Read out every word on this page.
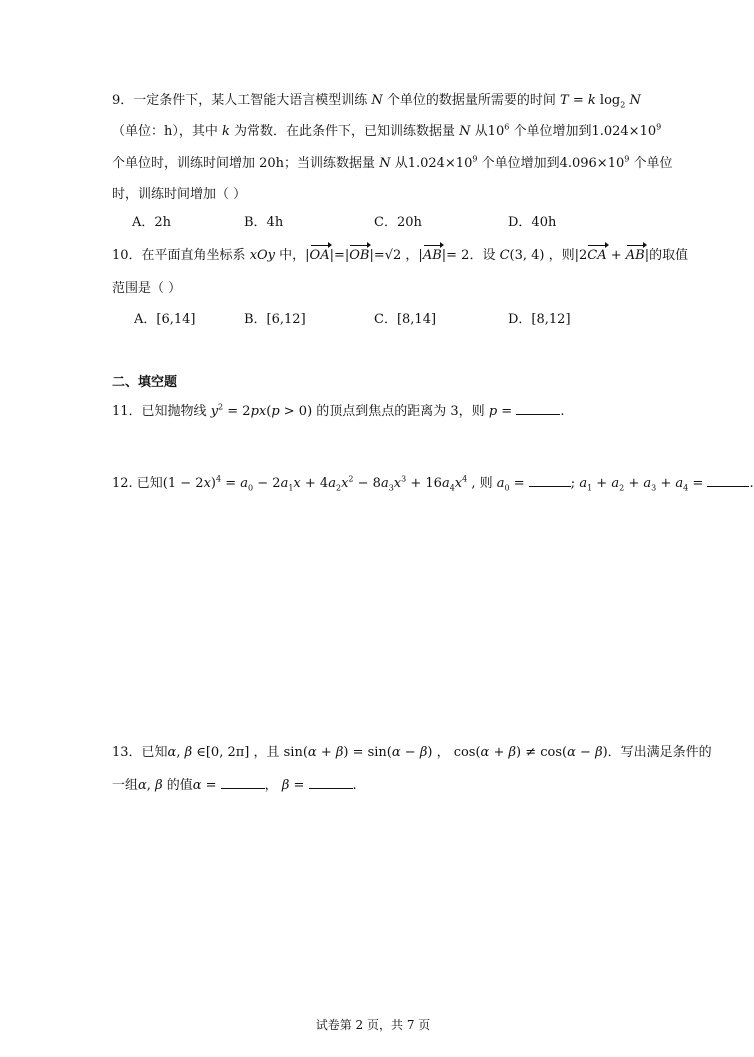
9．一定条件下，某人工智能大语言模型训练 N 个单位的数据量所需要的时间 T = k $\log_2 N$
（单位：h），其中 k 为常数．在此条件下，已知训练数据量 N 从$10^6$ 个单位增加到$1.024\times 10^9$
个单位时，训练时间增加 20h；当训练数据量 N 从$1.024\times 10^9$ 个单位增加到$4.096\times 10^9$ 个单位
时，训练时间增加（ ）
A．2h	B．4h	C．20h	D．40h
10．在平面直角坐标系 xOy 中，|OA|=|OB|=√2 ，|AB|= 2．设 C(3, 4) ，则|2CA + AB|的取值
范围是（ ）
A．[6,14]	B．[6,12]	C．[8,14]	D．[8,12]
二、填空题
11．已知抛物线 $y^2 = 2px(p > 0)$ 的顶点到焦点的距离为 3，则 p =	.
12. 已知$(1 - 2x)^4 = a_0 - 2a_1x + 4a_2x^2 - 8a_3x^3 + 16a_4x^4$ , 则 $a_0$ =	; $a_1 + a_2 + a_3 + a_4$ =	.
13．已知α, β ∈[0, 2π] ，且 sin(α + β) = sin(α − β) ， cos(α + β) ≠ cos(α − β)．写出满足条件的
一组α, β 的值α =	， β =	.
试卷第 2 页，共 7 页
